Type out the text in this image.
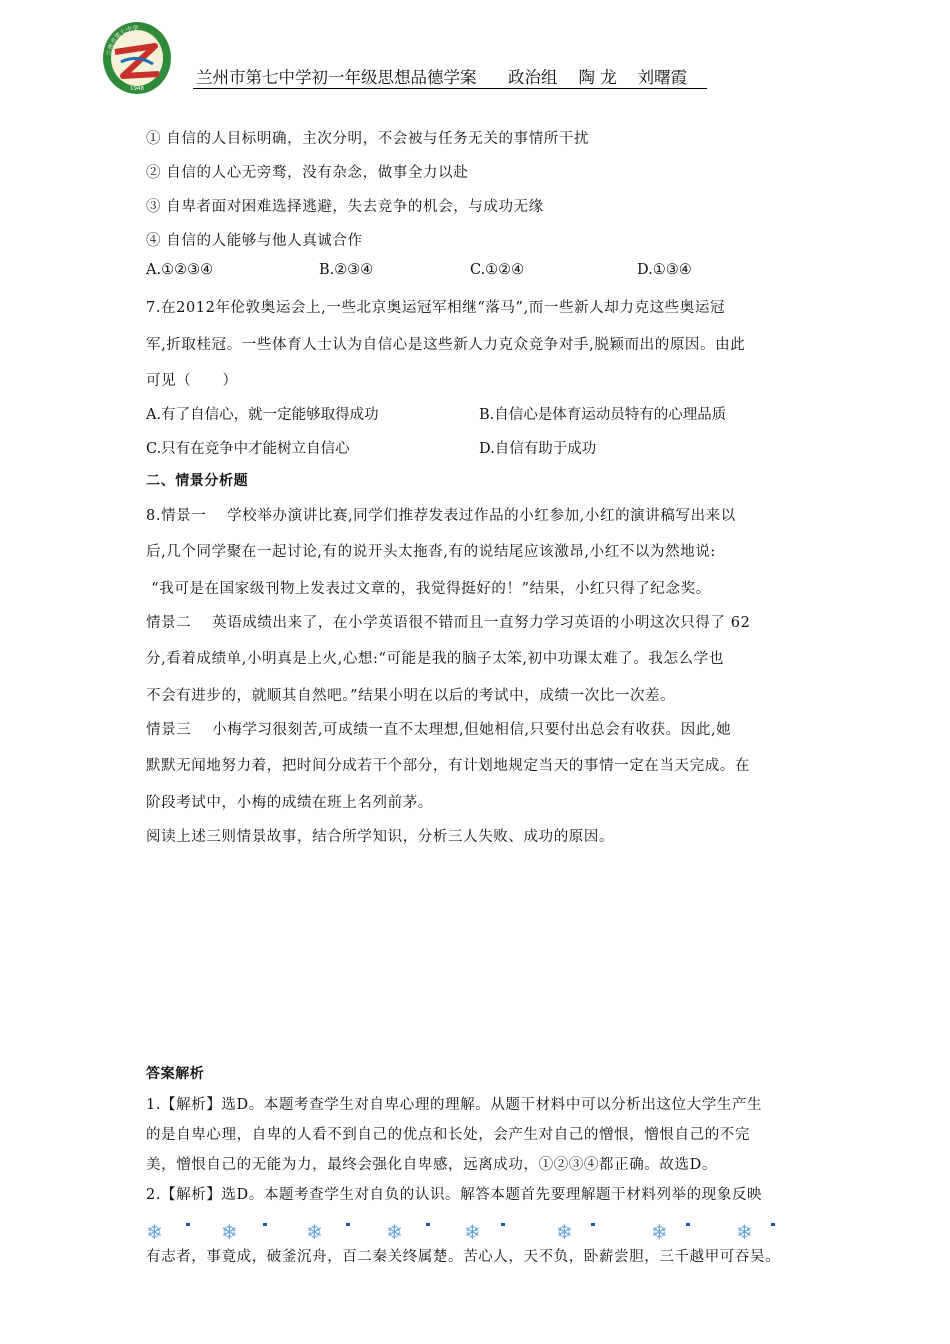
兰州市第七中学
1948
兰州市第七中学初一年级思想品德学案      政治组    陶 龙    刘曙霞
① 自信的人目标明确，主次分明，不会被与任务无关的事情所干扰
② 自信的人心无旁骛，没有杂念，做事全力以赴
③ 自卑者面对困难选择逃避，失去竞争的机会，与成功无缘
④ 自信的人能够与他人真诚合作
A.①②③④	B.②③④	C.①②④	D.①③④
7.在2012年伦敦奥运会上,一些北京奥运冠军相继“落马”,而一些新人却力克这些奥运冠
军,折取桂冠。一些体育人士认为自信心是这些新人力克众竞争对手,脱颖而出的原因。由此
可见（      ）
A.有了自信心，就一定能够取得成功	B.自信心是体育运动员特有的心理品质
C.只有在竞争中才能树立自信心	D.自信有助于成功
二、情景分析题
8.情景一    学校举办演讲比赛,同学们推荐发表过作品的小红参加,小红的演讲稿写出来以
后,几个同学聚在一起讨论,有的说开头太拖沓,有的说结尾应该激昂,小红不以为然地说:
“我可是在国家级刊物上发表过文章的，我觉得挺好的！”结果，小红只得了纪念奖。
情景二    英语成绩出来了，在小学英语很不错而且一直努力学习英语的小明这次只得了 62
分,看着成绩单,小明真是上火,心想:“可能是我的脑子太笨,初中功课太难了。我怎么学也
不会有进步的，就顺其自然吧。”结果小明在以后的考试中，成绩一次比一次差。
情景三    小梅学习很刻苦,可成绩一直不太理想,但她相信,只要付出总会有收获。因此,她
默默无闻地努力着，把时间分成若干个部分，有计划地规定当天的事情一定在当天完成。在
阶段考试中，小梅的成绩在班上名列前茅。
阅读上述三则情景故事，结合所学知识，分析三人失败、成功的原因。
答案解析
1.【解析】选D。本题考查学生对自卑心理的理解。从题干材料中可以分析出这位大学生产生
的是自卑心理，自卑的人看不到自己的优点和长处，会产生对自己的憎恨，憎恨自己的不完
美，憎恨自己的无能为力，最终会强化自卑感，远离成功，①②③④都正确。故选D。
2.【解析】选D。本题考查学生对自负的认识。解答本题首先要理解题干材料列举的现象反映
❄	❄	❄	❄	❄	❄	❄	❄
有志者，事竟成，破釜沉舟，百二秦关终属楚。苦心人，天不负，卧薪尝胆，三千越甲可吞吴。
